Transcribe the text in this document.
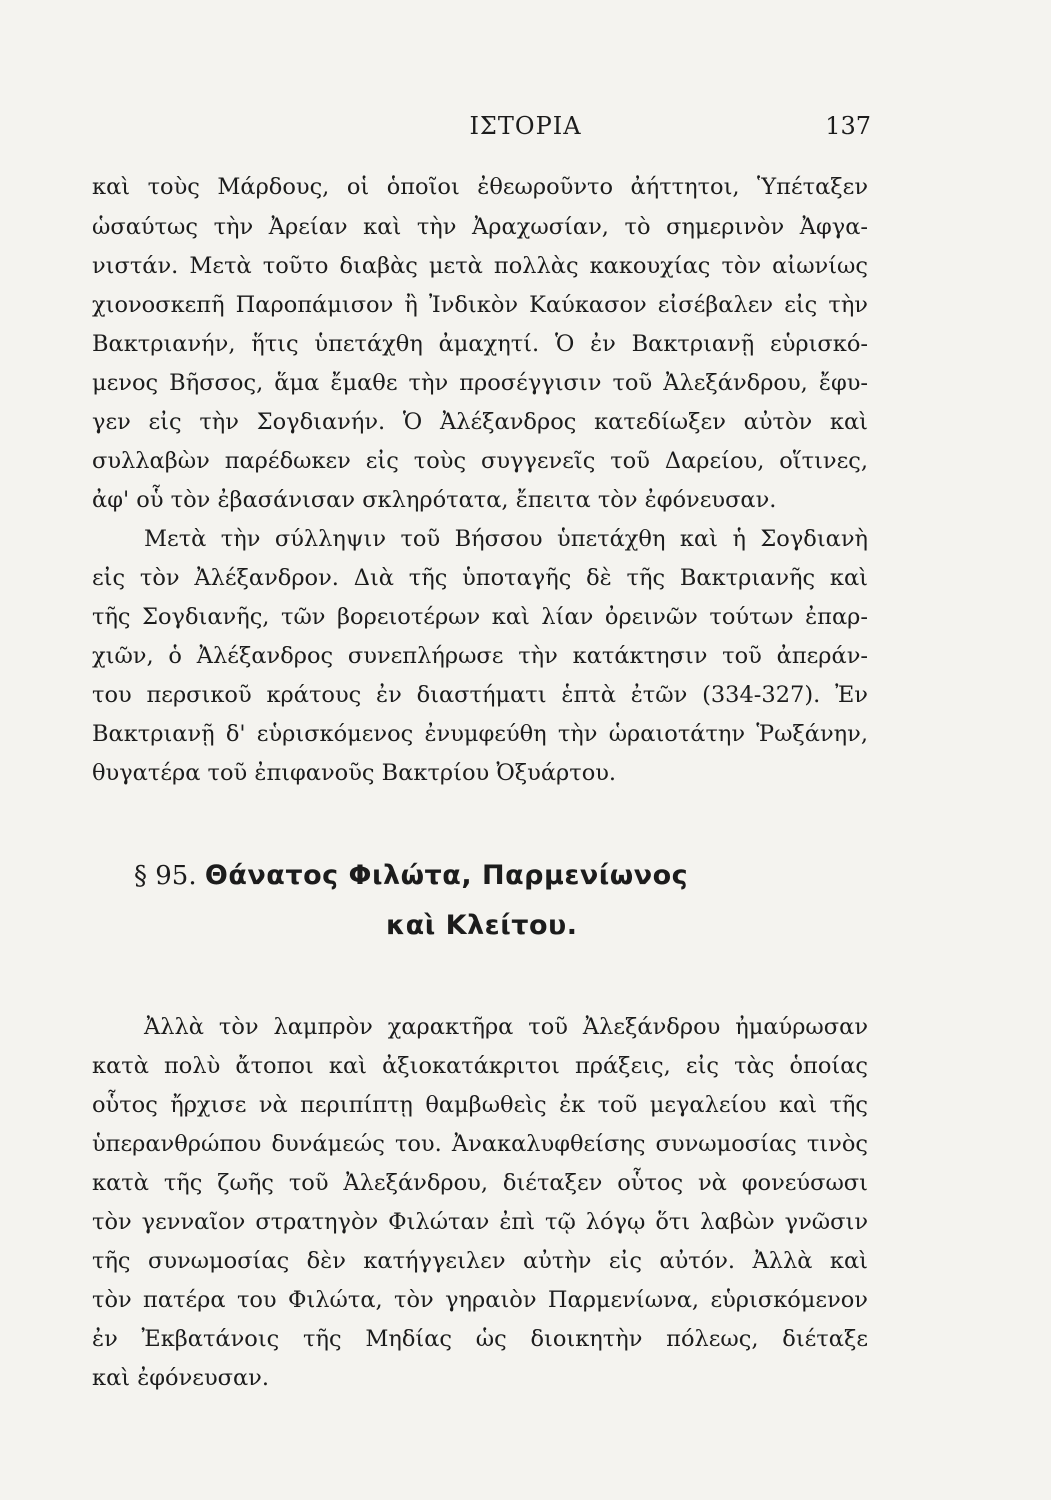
ΙΣΤΟΡΙΑ	137
καὶ τοὺς Μάρδους, οἱ ὁποῖοι ἐθεωροῦντο ἀήττητοι, Ὑπέταξεν
ὡσαύτως τὴν Ἀρείαν καὶ τὴν Ἀραχωσίαν, τὸ σημερινὸν Ἀφγα-
νιστάν. Μετὰ τοῦτο διαβὰς μετὰ πολλὰς κακουχίας τὸν αἰωνίως
χιονοσκεπῆ Παροπάμισον ἢ Ἰνδικὸν Καύκασον εἰσέβαλεν εἰς τὴν
Βακτριανήν, ἥτις ὑπετάχθη ἀμαχητί. Ὁ ἐν Βακτριανῇ εὑρισκό-
μενος Βῆσσος, ἅμα ἔμαθε τὴν προσέγγισιν τοῦ Ἀλεξάνδρου, ἔφυ-
γεν εἰς τὴν Σογδιανήν. Ὁ Ἀλέξανδρος κατεδίωξεν αὐτὸν καὶ
συλλαβὼν παρέδωκεν εἰς τοὺς συγγενεῖς τοῦ Δαρείου, οἵτινες,
ἀφ' οὗ τὸν ἐβασάνισαν σκληρότατα, ἔπειτα τὸν ἐφόνευσαν.
Μετὰ τὴν σύλληψιν τοῦ Βήσσου ὑπετάχθη καὶ ἡ Σογδιανὴ
εἰς τὸν Ἀλέξανδρον. Διὰ τῆς ὑποταγῆς δὲ τῆς Βακτριανῆς καὶ
τῆς Σογδιανῆς, τῶν βορειοτέρων καὶ λίαν ὀρεινῶν τούτων ἐπαρ-
χιῶν, ὁ Ἀλέξανδρος συνεπλήρωσε τὴν κατάκτησιν τοῦ ἀπεράν-
του περσικοῦ κράτους ἐν διαστήματι ἑπτὰ ἐτῶν (334-327). Ἐν
Βακτριανῇ δ' εὑρισκόμενος ἐνυμφεύθη τὴν ὡραιοτάτην Ῥωξάνην,
θυγατέρα τοῦ ἐπιφανοῦς Βακτρίου Ὀξυάρτου.
§ 95. Θάνατος Φιλώτα, Παρμενίωνος
καὶ Κλείτου.
Ἀλλὰ τὸν λαμπρὸν χαρακτῆρα τοῦ Ἀλεξάνδρου ἠμαύρωσαν
κατὰ πολὺ ἄτοποι καὶ ἀξιοκατάκριτοι πράξεις, εἰς τὰς ὁποίας
οὗτος ἤρχισε νὰ περιπίπτῃ θαμβωθεὶς ἐκ τοῦ μεγαλείου καὶ τῆς
ὑπερανθρώπου δυνάμεώς του. Ἀνακαλυφθείσης συνωμοσίας τινὸς
κατὰ τῆς ζωῆς τοῦ Ἀλεξάνδρου, διέταξεν οὗτος νὰ φονεύσωσι
τὸν γενναῖον στρατηγὸν Φιλώταν ἐπὶ τῷ λόγῳ ὅτι λαβὼν γνῶσιν
τῆς συνωμοσίας δὲν κατήγγειλεν αὐτὴν εἰς αὐτόν. Ἀλλὰ καὶ
τὸν πατέρα του Φιλώτα, τὸν γηραιὸν Παρμενίωνα, εὑρισκόμενον
ἐν Ἐκβατάνοις τῆς Μηδίας ὡς διοικητὴν πόλεως, διέταξε
καὶ ἐφόνευσαν.
